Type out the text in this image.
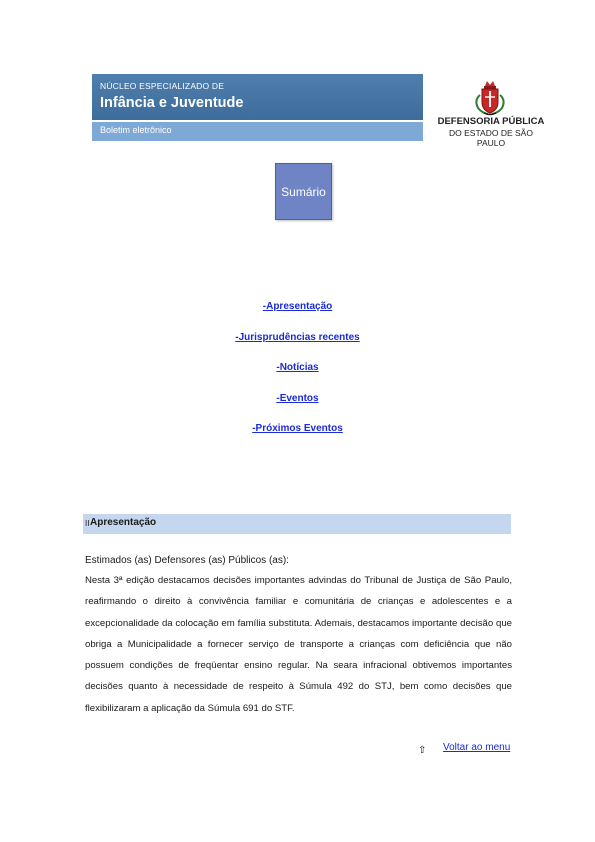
NÚCLEO ESPECIALIZADO DE
Infância e Juventude
Boletim eletrônico
DEFENSORIA PÚBLICA
DO ESTADO DE SÃO PAULO
Sumário
-Apresentação
-Jurisprudências recentes
-Notícias
-Eventos
-Próximos Eventos
II Apresentação
Estimados (as) Defensores (as) Públicos (as):

Nesta 3ª edição destacamos decisões importantes advindas do Tribunal de Justiça de São Paulo, reafirmando o direito à convivência familiar e comunitária de crianças e adolescentes e a excepcionalidade da colocação em família substituta. Ademais, destacamos importante decisão que obriga a Municipalidade a fornecer serviço de transporte a crianças com deficiência que não possuem condições de freqüentar ensino regular. Na seara infracional obtivemos importantes decisões quanto à necessidade de respeito à Súmula 492 do STJ, bem como decisões que flexibilizaram a aplicação da Súmula 691 do STF.

⇧ Voltar ao menu
